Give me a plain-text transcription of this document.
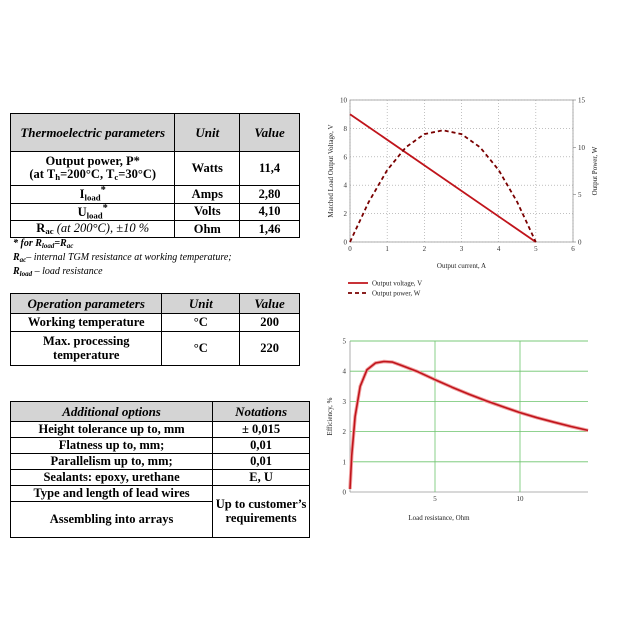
Thermoelectric parameters	Unit	Value
Output power, P*
(at $T_h=200^\circ C$, $T_c=30^\circ C$)	Watts	11,4
$I_{load}^*$	Amps	2,80
$U_{load}^*$	Volts	4,10
$R_{ac}$ (at 200°C), ±10 %	Ohm	1,46
* for $R_{load}=R_{ac}$
$R_{ac}-$ internal TGM resistance at working temperature;
$R_{load}$ – load resistance
Operation parameters	Unit	Value
Working temperature	°C	200
Max. processing temperature	°C	220
Additional options	Notations
Height tolerance up to, mm	± 0,015
Flatness up to, mm;	0,01
Parallelism up to, mm;	0,01
Sealants: epoxy, urethane	E, U
Type and length of lead wires	Up to customer’s requirements
Assembling into arrays	
0	1	2	3	4	5	6
0
2
4
6
8
10
0
5
10
15
Output current, A
Matched Load Output Voltage, V	Output Power, W
Output voltage, V
Output power, W
0
1
2
3
4
5
5	10
Load resistance, Ohm
Efficiency, %
